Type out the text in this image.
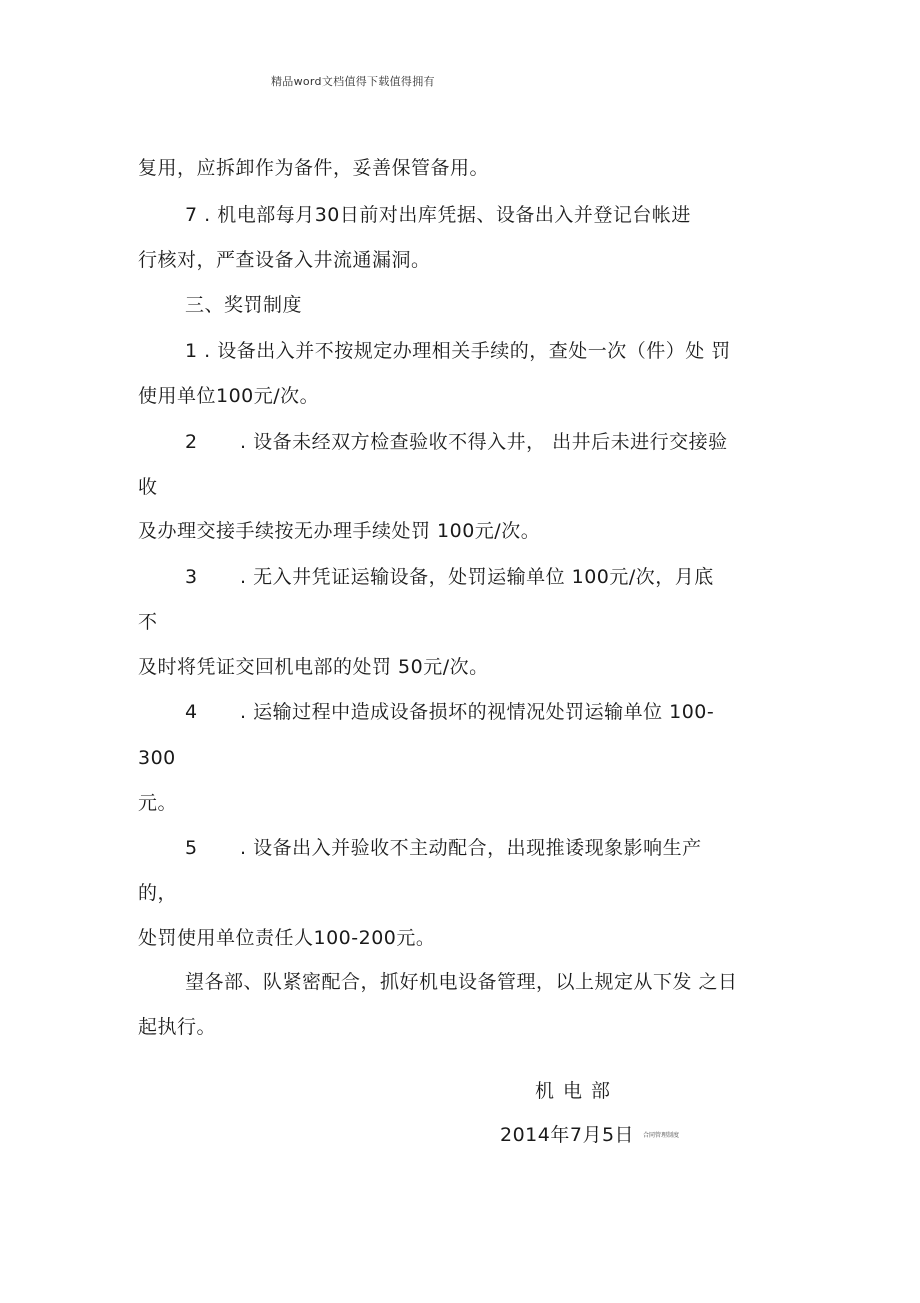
精品word文档值得下载值得拥有
复用，应拆卸作为备件，妥善保管备用。
7 . 机电部每月30日前对出库凭据、设备出入并登记台帐进
行核对，严查设备入井流通漏洞。
三、奖罚制度
1 . 设备出入并不按规定办理相关手续的，查处一次（件）处 罚
使用单位100元/次。
2 . 设备未经双方检查验收不得入井， 出井后未进行交接验
收
及办理交接手续按无办理手续处罚 100元/次。
3 . 无入井凭证运输设备，处罚运输单位 100元/次，月底
不
及时将凭证交回机电部的处罚 50元/次。
4 . 运输过程中造成设备损坏的视情况处罚运输单位 100-
300
元。
5 . 设备出入并验收不主动配合，出现推诿现象影响生产
的，
处罚使用单位责任人100-200元。
望各部、队紧密配合，抓好机电设备管理，以上规定从下发 之日
起执行。
机电部
2014年7月5日 合同管理制度
